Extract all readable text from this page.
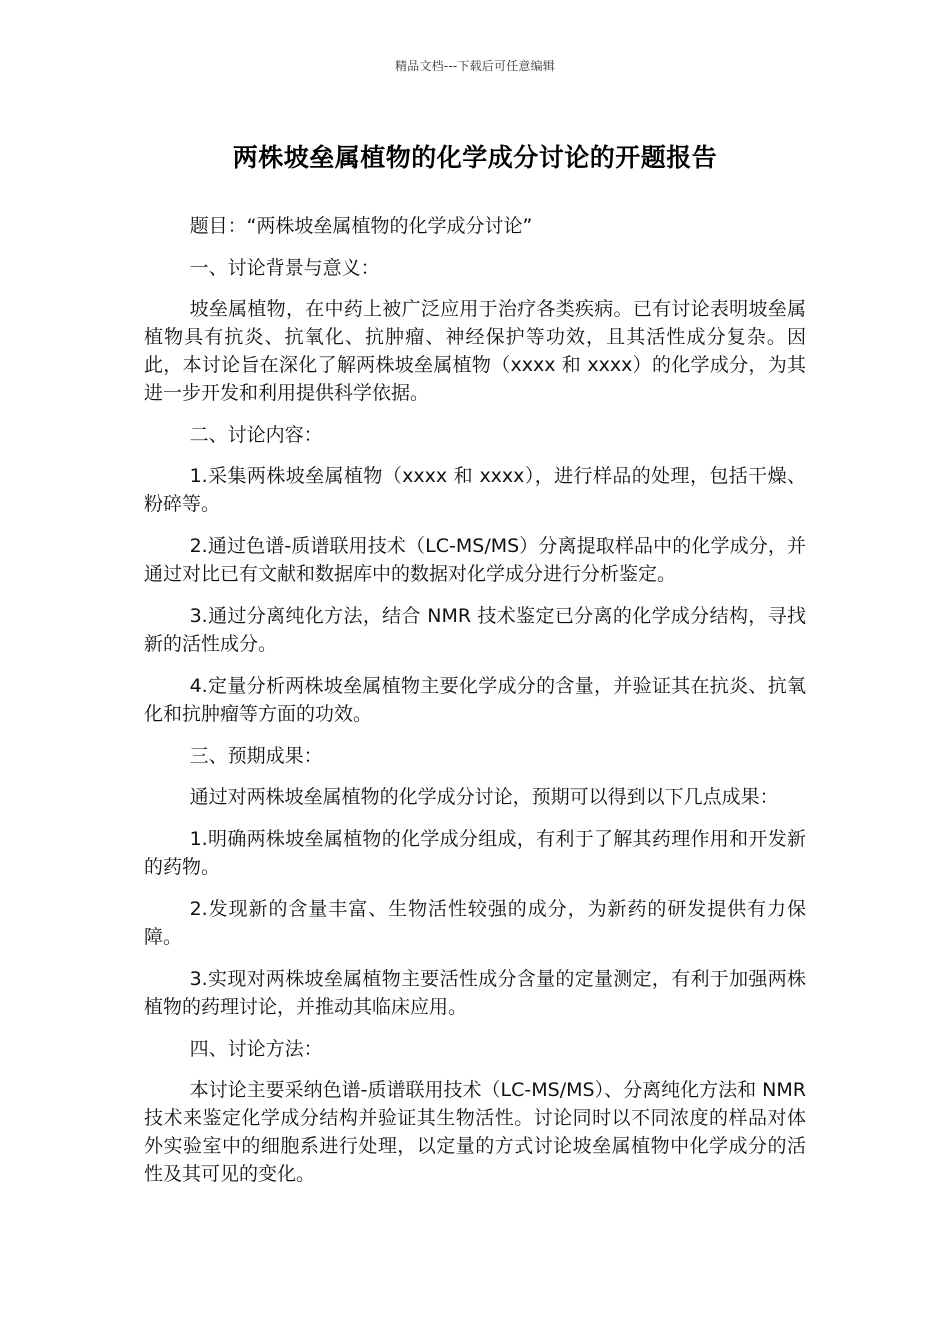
精品文档---下载后可任意编辑
两株坡垒属植物的化学成分讨论的开题报告

题目：“两株坡垒属植物的化学成分讨论”

一、讨论背景与意义：

坡垒属植物，在中药上被广泛应用于治疗各类疾病。已有讨论表明坡垒属植物具有抗炎、抗氧化、抗肿瘤、神经保护等功效，且其活性成分复杂。因此，本讨论旨在深化了解两株坡垒属植物（xxxx 和 xxxx）的化学成分，为其进一步开发和利用提供科学依据。

二、讨论内容：

1.采集两株坡垒属植物（xxxx 和 xxxx），进行样品的处理，包括干燥、粉碎等。

2.通过色谱-质谱联用技术（LC-MS/MS）分离提取样品中的化学成分，并通过对比已有文献和数据库中的数据对化学成分进行分析鉴定。

3.通过分离纯化方法，结合 NMR 技术鉴定已分离的化学成分结构，寻找新的活性成分。

4.定量分析两株坡垒属植物主要化学成分的含量，并验证其在抗炎、抗氧化和抗肿瘤等方面的功效。

三、预期成果：

通过对两株坡垒属植物的化学成分讨论，预期可以得到以下几点成果：

1.明确两株坡垒属植物的化学成分组成，有利于了解其药理作用和开发新的药物。

2.发现新的含量丰富、生物活性较强的成分，为新药的研发提供有力保障。

3.实现对两株坡垒属植物主要活性成分含量的定量测定，有利于加强两株植物的药理讨论，并推动其临床应用。

四、讨论方法：

本讨论主要采纳色谱-质谱联用技术（LC-MS/MS）、分离纯化方法和 NMR 技术来鉴定化学成分结构并验证其生物活性。讨论同时以不同浓度的样品对体外实验室中的细胞系进行处理，以定量的方式讨论坡垒属植物中化学成分的活性及其可见的变化。
